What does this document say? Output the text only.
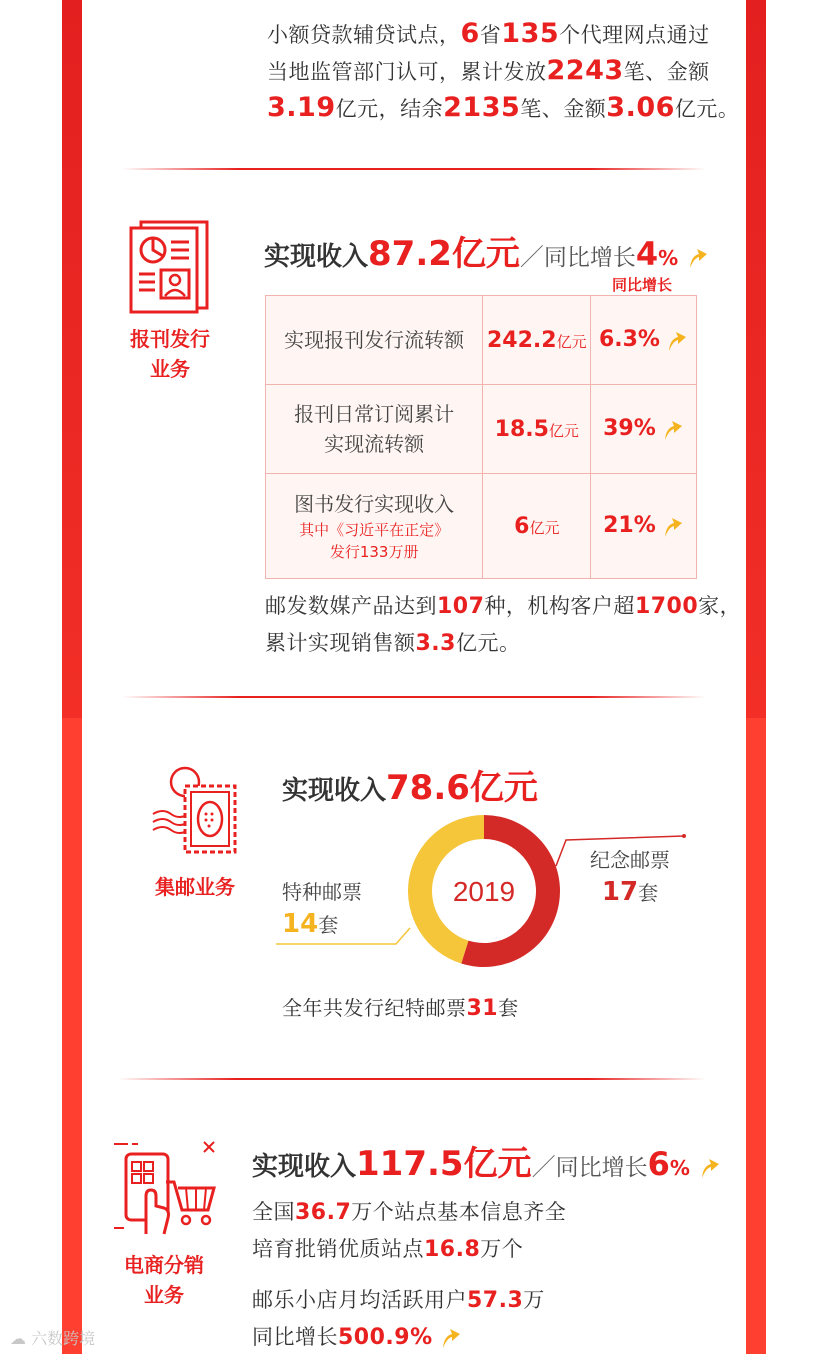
小额贷款辅贷试点，6省135个代理网点通过
当地监管部门认可，累计发放2243笔、金额
3.19亿元，结余2135笔、金额3.06亿元。
报刊发行
业务
实现收入87.2亿元／同比增长4%
同比增长
实现报刊发行流转额	242.2亿元	6.3%

报刊日常订阅累计
实现流转额	18.5亿元	39%

图书发行实现收入
其中《习近平在正定》
发行133万册	6亿元	21%
邮发数媒产品达到107种，机构客户超1700家，
累计实现销售额3.3亿元。
集邮业务
实现收入78.6亿元
2019
特种邮票
14套
纪念邮票
17套
全年共发行纪特邮票31套
电商分销
业务
实现收入117.5亿元／同比增长6%
全国36.7万个站点基本信息齐全
培育批销优质站点16.8万个
邮乐小店月均活跃用户57.3万
同比增长500.9%
☁ 六数跨境
